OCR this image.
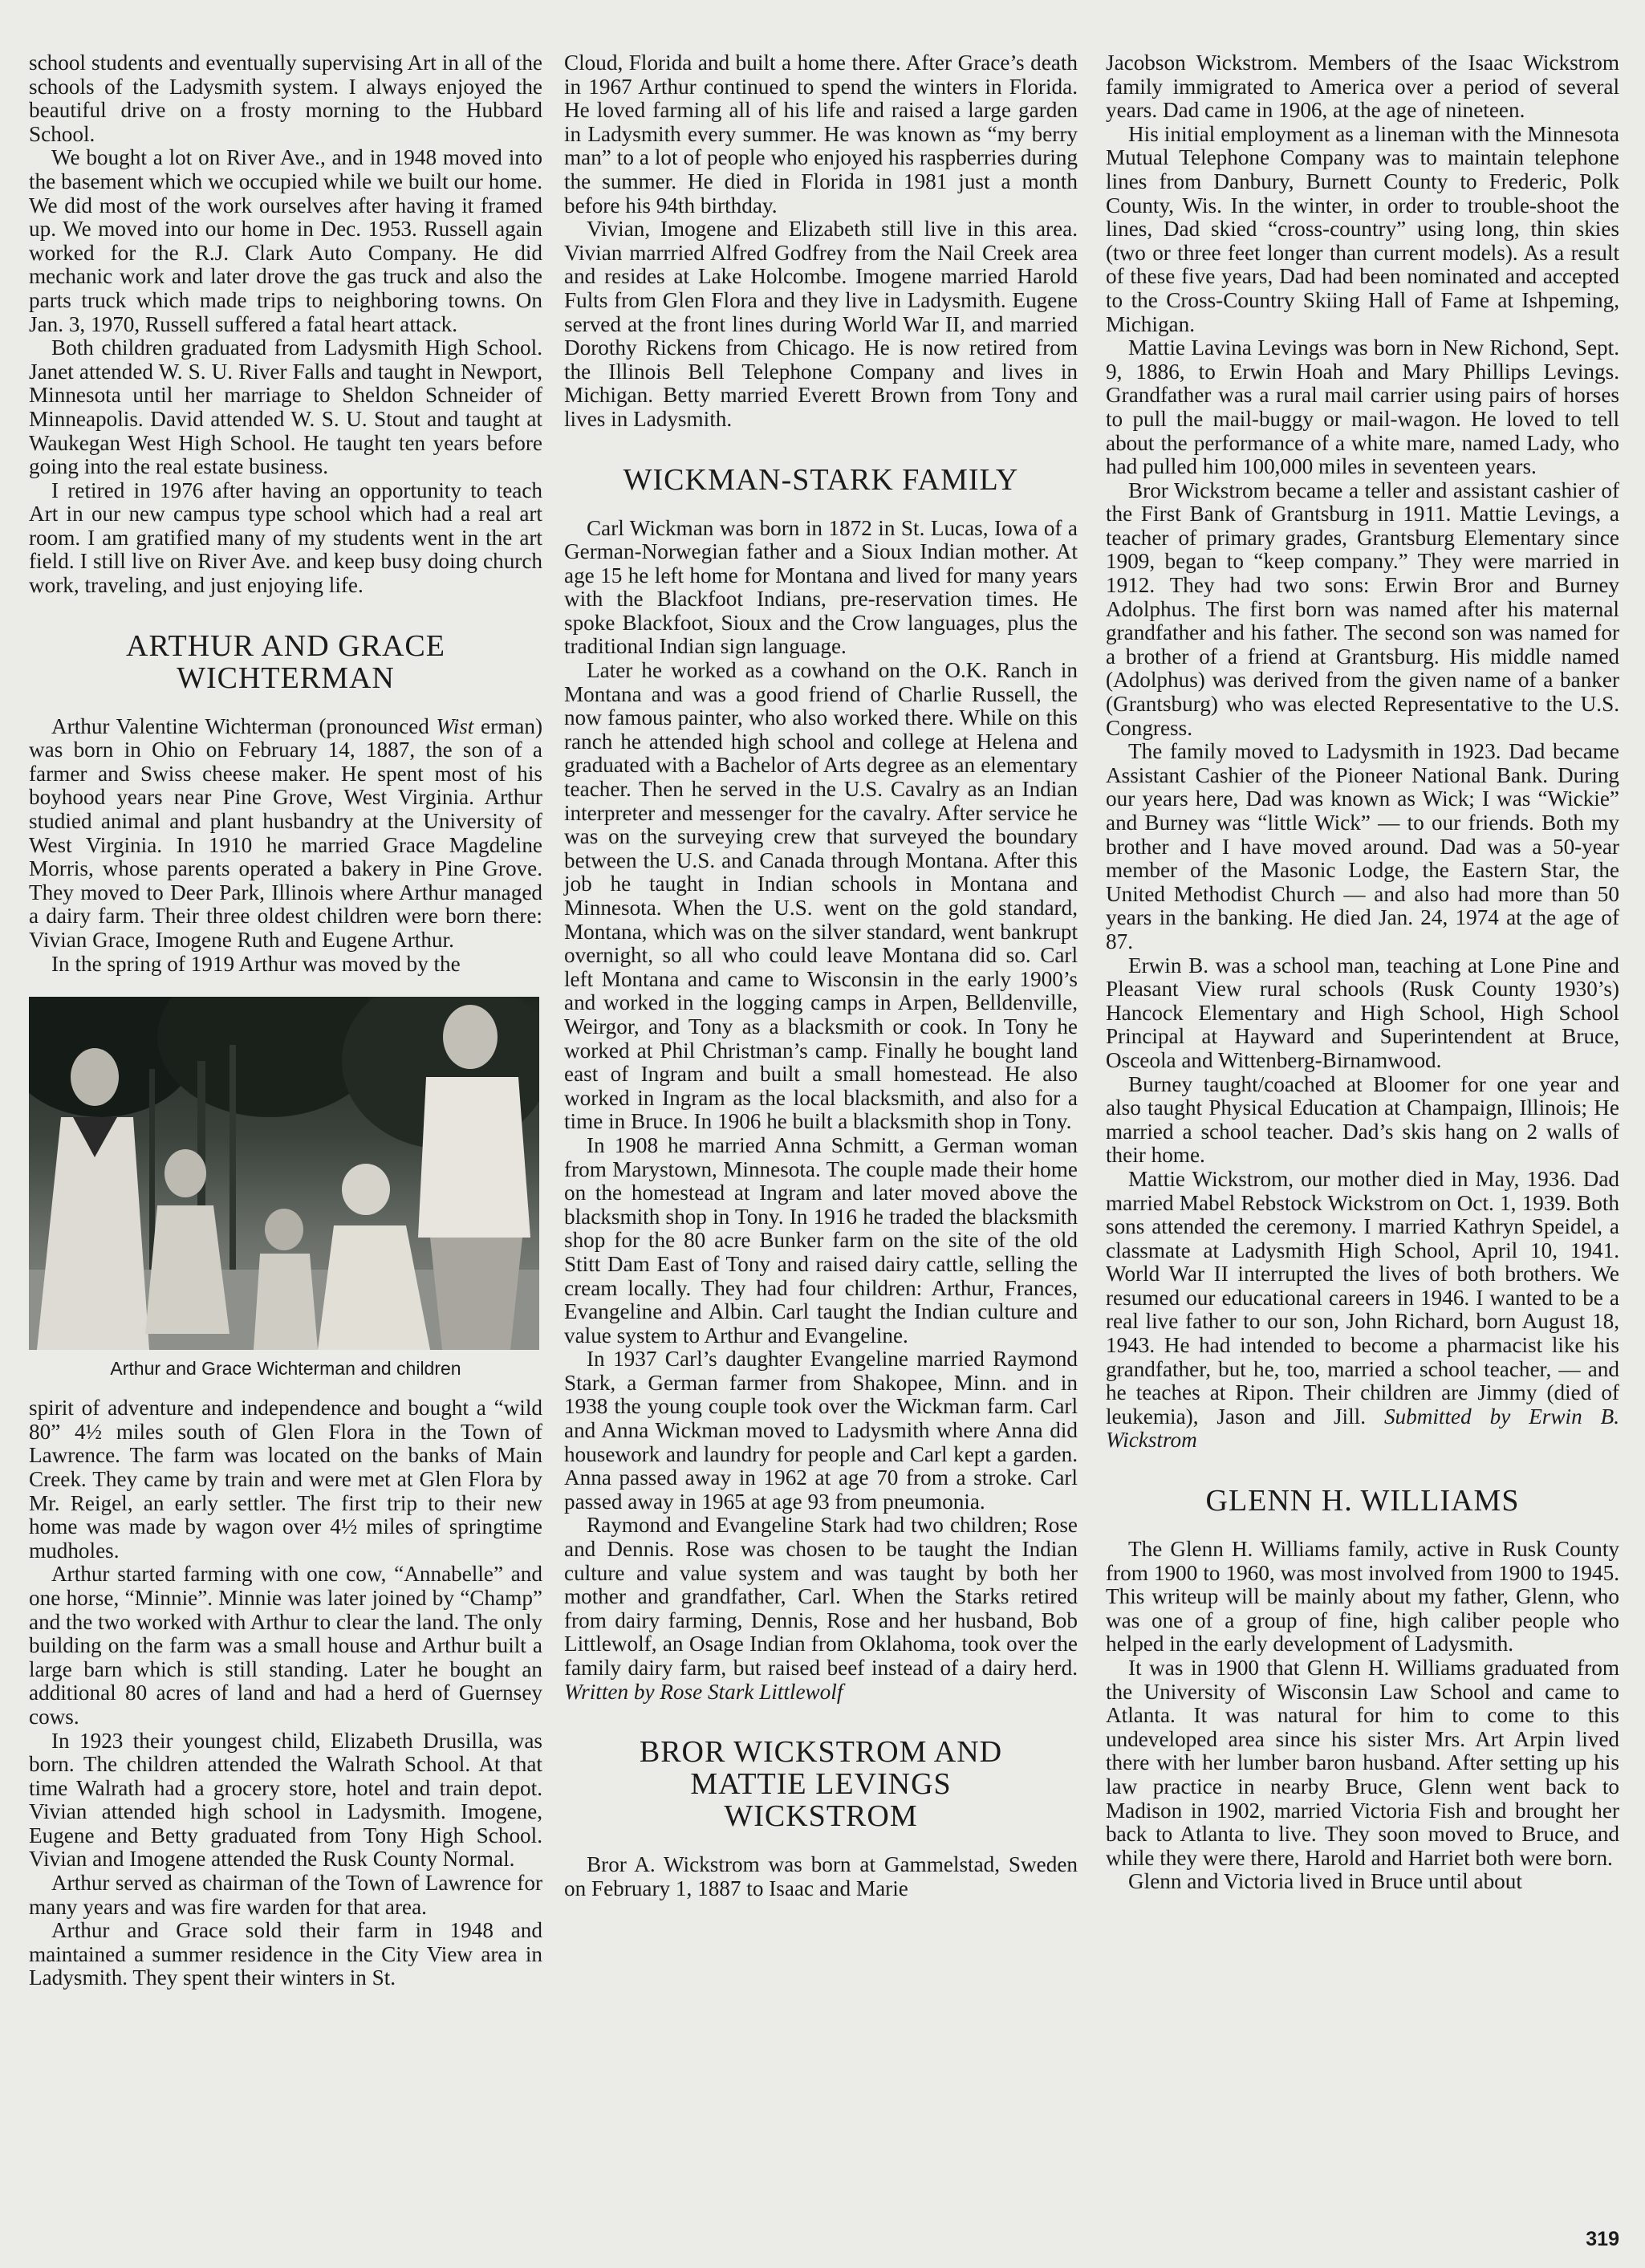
school students and eventually supervising Art in all of the schools of the Ladysmith system. I always enjoyed the beautiful drive on a frosty morning to the Hubbard School.

We bought a lot on River Ave., and in 1948 moved into the basement which we occupied while we built our home. We did most of the work ourselves after having it framed up. We moved into our home in Dec. 1953. Russell again worked for the R.J. Clark Auto Company. He did mechanic work and later drove the gas truck and also the parts truck which made trips to neighboring towns. On Jan. 3, 1970, Russell suffered a fatal heart attack.

Both children graduated from Ladysmith High School. Janet attended W. S. U. River Falls and taught in Newport, Minnesota until her marriage to Sheldon Schneider of Minneapolis. David attended W. S. U. Stout and taught at Waukegan West High School. He taught ten years before going into the real estate business.

I retired in 1976 after having an opportunity to teach Art in our new campus type school which had a real art room. I am gratified many of my students went in the art field. I still live on River Ave. and keep busy doing church work, traveling, and just enjoying life.

ARTHUR AND GRACE
WICHTERMAN

Arthur Valentine Wichterman (pronounced Wist erman) was born in Ohio on February 14, 1887, the son of a farmer and Swiss cheese maker. He spent most of his boyhood years near Pine Grove, West Virginia. Arthur studied animal and plant husbandry at the University of West Virginia. In 1910 he married Grace Magdeline Morris, whose parents operated a bakery in Pine Grove. They moved to Deer Park, Illinois where Arthur managed a dairy farm. Their three oldest children were born there: Vivian Grace, Imogene Ruth and Eugene Arthur.

In the spring of 1919 Arthur was moved by the

Arthur and Grace Wichterman and children

spirit of adventure and independence and bought a “wild 80” 4½ miles south of Glen Flora in the Town of Lawrence. The farm was located on the banks of Main Creek. They came by train and were met at Glen Flora by Mr. Reigel, an early settler. The first trip to their new home was made by wagon over 4½ miles of springtime mudholes.

Arthur started farming with one cow, “Annabelle” and one horse, “Minnie”. Minnie was later joined by “Champ” and the two worked with Arthur to clear the land. The only building on the farm was a small house and Arthur built a large barn which is still standing. Later he bought an additional 80 acres of land and had a herd of Guernsey cows.

In 1923 their youngest child, Elizabeth Drusilla, was born. The children attended the Walrath School. At that time Walrath had a grocery store, hotel and train depot. Vivian attended high school in Ladysmith. Imogene, Eugene and Betty graduated from Tony High School. Vivian and Imogene attended the Rusk County Normal.

Arthur served as chairman of the Town of Lawrence for many years and was fire warden for that area.

Arthur and Grace sold their farm in 1948 and maintained a summer residence in the City View area in Ladysmith. They spent their winters in St.

Cloud, Florida and built a home there. After Grace’s death in 1967 Arthur continued to spend the winters in Florida. He loved farming all of his life and raised a large garden in Ladysmith every summer. He was known as “my berry man” to a lot of people who enjoyed his raspberries during the summer. He died in Florida in 1981 just a month before his 94th birthday.

Vivian, Imogene and Elizabeth still live in this area. Vivian marrried Alfred Godfrey from the Nail Creek area and resides at Lake Holcombe. Imogene married Harold Fults from Glen Flora and they live in Ladysmith. Eugene served at the front lines during World War II, and married Dorothy Rickens from Chicago. He is now retired from the Illinois Bell Telephone Company and lives in Michigan. Betty married Everett Brown from Tony and lives in Ladysmith.

WICKMAN-STARK FAMILY

Carl Wickman was born in 1872 in St. Lucas, Iowa of a German-Norwegian father and a Sioux Indian mother. At age 15 he left home for Montana and lived for many years with the Blackfoot Indians, pre-reservation times. He spoke Blackfoot, Sioux and the Crow languages, plus the traditional Indian sign language.

Later he worked as a cowhand on the O.K. Ranch in Montana and was a good friend of Charlie Russell, the now famous painter, who also worked there. While on this ranch he attended high school and college at Helena and graduated with a Bachelor of Arts degree as an elementary teacher. Then he served in the U.S. Cavalry as an Indian interpreter and messenger for the cavalry. After service he was on the surveying crew that surveyed the boundary between the U.S. and Canada through Montana. After this job he taught in Indian schools in Montana and Minnesota. When the U.S. went on the gold standard, Montana, which was on the silver standard, went bankrupt overnight, so all who could leave Montana did so. Carl left Montana and came to Wisconsin in the early 1900’s and worked in the logging camps in Arpen, Belldenville, Weirgor, and Tony as a blacksmith or cook. In Tony he worked at Phil Christman’s camp. Finally he bought land east of Ingram and built a small homestead. He also worked in Ingram as the local blacksmith, and also for a time in Bruce. In 1906 he built a blacksmith shop in Tony.

In 1908 he married Anna Schmitt, a German woman from Marystown, Minnesota. The couple made their home on the homestead at Ingram and later moved above the blacksmith shop in Tony. In 1916 he traded the blacksmith shop for the 80 acre Bunker farm on the site of the old Stitt Dam East of Tony and raised dairy cattle, selling the cream locally. They had four children: Arthur, Frances, Evangeline and Albin. Carl taught the Indian culture and value system to Arthur and Evangeline.

In 1937 Carl’s daughter Evangeline married Raymond Stark, a German farmer from Shakopee, Minn. and in 1938 the young couple took over the Wickman farm. Carl and Anna Wickman moved to Ladysmith where Anna did housework and laundry for people and Carl kept a garden. Anna passed away in 1962 at age 70 from a stroke. Carl passed away in 1965 at age 93 from pneumonia.

Raymond and Evangeline Stark had two children; Rose and Dennis. Rose was chosen to be taught the Indian culture and value system and was taught by both her mother and grandfather, Carl. When the Starks retired from dairy farming, Dennis, Rose and her husband, Bob Littlewolf, an Osage Indian from Oklahoma, took over the family dairy farm, but raised beef instead of a dairy herd. Written by Rose Stark Littlewolf

BROR WICKSTROM AND
MATTIE LEVINGS
WICKSTROM

Bror A. Wickstrom was born at Gammelstad, Sweden on February 1, 1887 to Isaac and Marie

Jacobson Wickstrom. Members of the Isaac Wickstrom family immigrated to America over a period of several years. Dad came in 1906, at the age of nineteen.

His initial employment as a lineman with the Minnesota Mutual Telephone Company was to maintain telephone lines from Danbury, Burnett County to Frederic, Polk County, Wis. In the winter, in order to trouble-shoot the lines, Dad skied “cross-country” using long, thin skies (two or three feet longer than current models). As a result of these five years, Dad had been nominated and accepted to the Cross-Country Skiing Hall of Fame at Ishpeming, Michigan.

Mattie Lavina Levings was born in New Richond, Sept. 9, 1886, to Erwin Hoah and Mary Phillips Levings. Grandfather was a rural mail carrier using pairs of horses to pull the mail-buggy or mail-wagon. He loved to tell about the performance of a white mare, named Lady, who had pulled him 100,000 miles in seventeen years.

Bror Wickstrom became a teller and assistant cashier of the First Bank of Grantsburg in 1911. Mattie Levings, a teacher of primary grades, Grantsburg Elementary since 1909, began to “keep company.” They were married in 1912. They had two sons: Erwin Bror and Burney Adolphus. The first born was named after his maternal grandfather and his father. The second son was named for a brother of a friend at Grantsburg. His middle named (Adolphus) was derived from the given name of a banker (Grantsburg) who was elected Representative to the U.S. Congress.

The family moved to Ladysmith in 1923. Dad became Assistant Cashier of the Pioneer National Bank. During our years here, Dad was known as Wick; I was “Wickie” and Burney was “little Wick” — to our friends. Both my brother and I have moved around. Dad was a 50-year member of the Masonic Lodge, the Eastern Star, the United Methodist Church — and also had more than 50 years in the banking. He died Jan. 24, 1974 at the age of 87.

Erwin B. was a school man, teaching at Lone Pine and Pleasant View rural schools (Rusk County 1930’s) Hancock Elementary and High School, High School Principal at Hayward and Superintendent at Bruce, Osceola and Wittenberg-Birnamwood.

Burney taught/coached at Bloomer for one year and also taught Physical Education at Champaign, Illinois; He married a school teacher. Dad’s skis hang on 2 walls of their home.

Mattie Wickstrom, our mother died in May, 1936. Dad married Mabel Rebstock Wickstrom on Oct. 1, 1939. Both sons attended the ceremony. I married Kathryn Speidel, a classmate at Ladysmith High School, April 10, 1941. World War II interrupted the lives of both brothers. We resumed our educational careers in 1946. I wanted to be a real live father to our son, John Richard, born August 18, 1943. He had intended to become a pharmacist like his grandfather, but he, too, married a school teacher, — and he teaches at Ripon. Their children are Jimmy (died of leukemia), Jason and Jill. Submitted by Erwin B. Wickstrom

GLENN H. WILLIAMS

The Glenn H. Williams family, active in Rusk County from 1900 to 1960, was most involved from 1900 to 1945. This writeup will be mainly about my father, Glenn, who was one of a group of fine, high caliber people who helped in the early development of Ladysmith.

It was in 1900 that Glenn H. Williams graduated from the University of Wisconsin Law School and came to Atlanta. It was natural for him to come to this undeveloped area since his sister Mrs. Art Arpin lived there with her lumber baron husband. After setting up his law practice in nearby Bruce, Glenn went back to Madison in 1902, married Victoria Fish and brought her back to Atlanta to live. They soon moved to Bruce, and while they were there, Harold and Harriet both were born.

Glenn and Victoria lived in Bruce until about

319
